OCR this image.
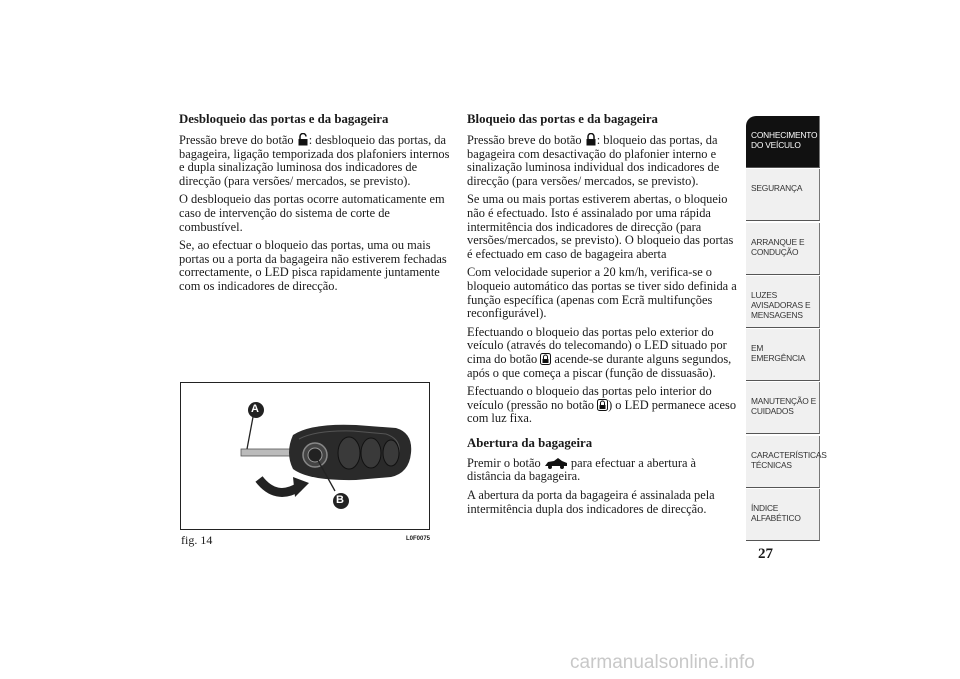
Desbloqueio das portas e da bagageira

Pressão breve do botão : desbloqueio das portas, da bagageira, ligação temporizada dos plafoniers internos e dupla sinalização luminosa dos indicadores de direcção (para versões/ mercados, se previsto).

O desbloqueio das portas ocorre automaticamente em caso de intervenção do sistema de corte de combustível.

Se, ao efectuar o bloqueio das portas, uma ou mais portas ou a porta da bagageira não estiverem fechadas correctamente, o LED pisca rapidamente juntamente com os indicadores de direcção.

A
B
fig. 14	L0F0075
Bloqueio das portas e da bagageira

Pressão breve do botão : bloqueio das portas, da bagageira com desactivação do plafonier interno e sinalização luminosa individual dos indicadores de direcção (para versões/ mercados, se previsto).

Se uma ou mais portas estiverem abertas, o bloqueio não é efectuado. Isto é assinalado por uma rápida intermitência dos indicadores de direcção (para versões/mercados, se previsto). O bloqueio das portas é efectuado em caso de bagageira aberta

Com velocidade superior a 20 km/h, verifica-se o bloqueio automático das portas se tiver sido definida a função específica (apenas com Ecrã multifunções reconfigurável).

Efectuando o bloqueio das portas pelo exterior do veículo (através do telecomando) o LED situado por cima do botão acende-se durante alguns segundos, após o que começa a piscar (função de dissuasão).

Efectuando o bloqueio das portas pelo interior do veículo (pressão no botão ) o LED permanece aceso com luz fixa.

Abertura da bagageira

Premir o botão para efectuar a abertura à distância da bagageira.

A abertura da porta da bagageira é assinalada pela intermitência dupla dos indicadores de direcção.

CONHECIMENTO
DO VEÍCULO
SEGURANÇA
ARRANQUE E
CONDUÇÃO
LUZES
AVISADORAS E
MENSAGENS
EM EMERGÊNCIA
MANUTENÇÃO E
CUIDADOS
CARACTERÍSTICAS
TÉCNICAS
ÍNDICE
ALFABÉTICO
27
carmanualsonline.info
